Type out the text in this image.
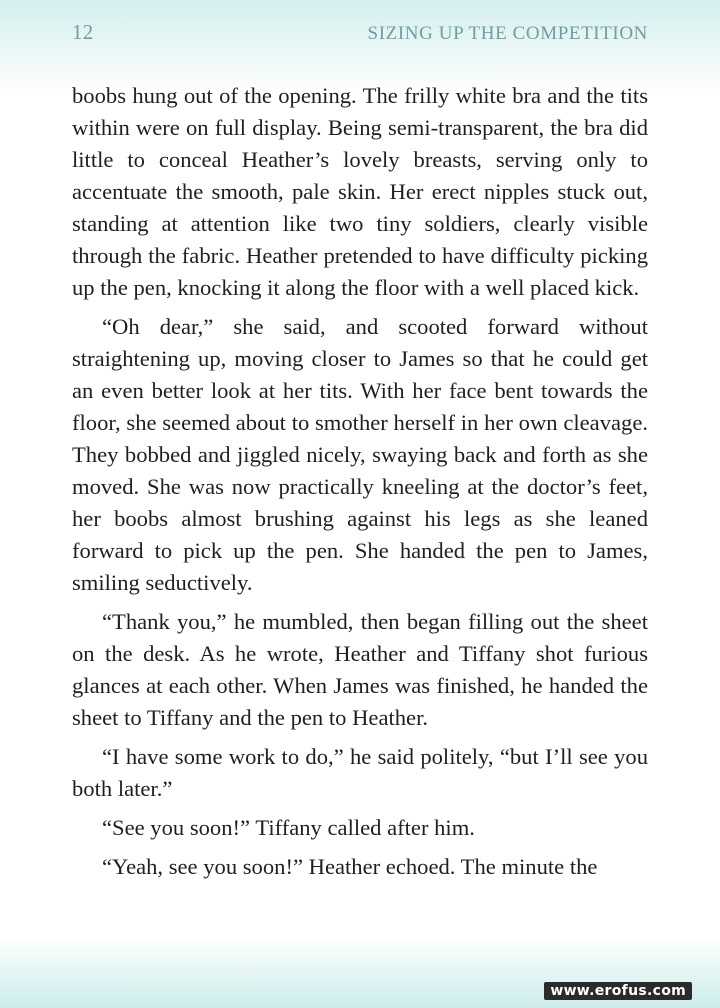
12	SIZING UP THE COMPETITION

boobs hung out of the opening. The frilly white bra and the tits within were on full display. Being semi-transparent, the bra did little to conceal Heather’s lovely breasts, serving only to accentuate the smooth, pale skin. Her erect nipples stuck out, standing at attention like two tiny soldiers, clearly visible through the fabric. Heather pretended to have difficulty picking up the pen, knocking it along the floor with a well placed kick.

“Oh dear,” she said, and scooted forward without straightening up, moving closer to James so that he could get an even better look at her tits. With her face bent towards the floor, she seemed about to smother herself in her own cleavage. They bobbed and jiggled nicely, swaying back and forth as she moved. She was now practically kneeling at the doctor’s feet, her boobs almost brushing against his legs as she leaned forward to pick up the pen. She handed the pen to James, smiling seductively.

“Thank you,” he mumbled, then began filling out the sheet on the desk. As he wrote, Heather and Tiffany shot furious glances at each other. When James was finished, he handed the sheet to Tiffany and the pen to Heather.

“I have some work to do,” he said politely, “but I’ll see you both later.”

“See you soon!” Tiffany called after him.

“Yeah, see you soon!” Heather echoed. The minute the

www.erofus.com
